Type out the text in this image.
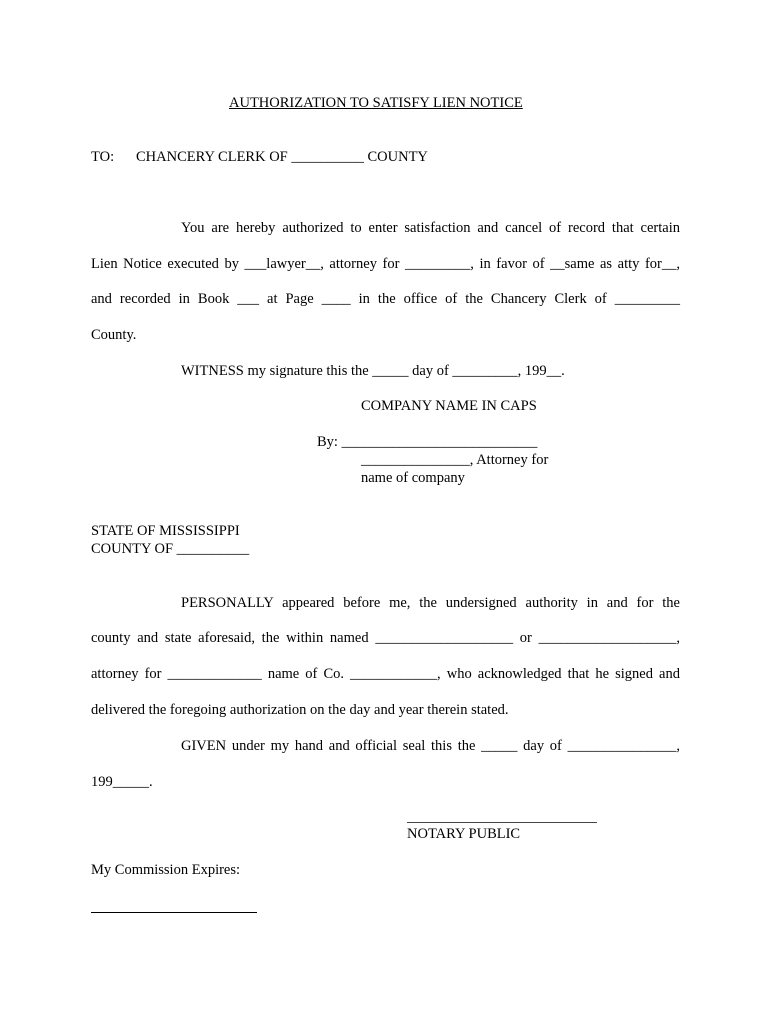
AUTHORIZATION TO SATISFY LIEN NOTICE
TO: CHANCERY CLERK OF __________ COUNTY
You are hereby authorized to enter satisfaction and cancel of record that certain
Lien Notice executed by ___lawyer__, attorney for _________, in favor of __same as atty for__,
and recorded in Book ___ at Page ____ in the office of the Chancery Clerk of _________
County.
WITNESS my signature this the _____ day of _________, 199__.
COMPANY NAME IN CAPS
By: ___________________________
_______________, Attorney for
name of company
STATE OF MISSISSIPPI
COUNTY OF __________
PERSONALLY appeared before me, the undersigned authority in and for the
county and state aforesaid, the within named ___________________ or ___________________,
attorney for _____________ name of Co. ____________, who acknowledged that he signed and
delivered the foregoing authorization on the day and year therein stated.
GIVEN under my hand and official seal this the _____ day of _______________,
199_____.
NOTARY PUBLIC
My Commission Expires:
